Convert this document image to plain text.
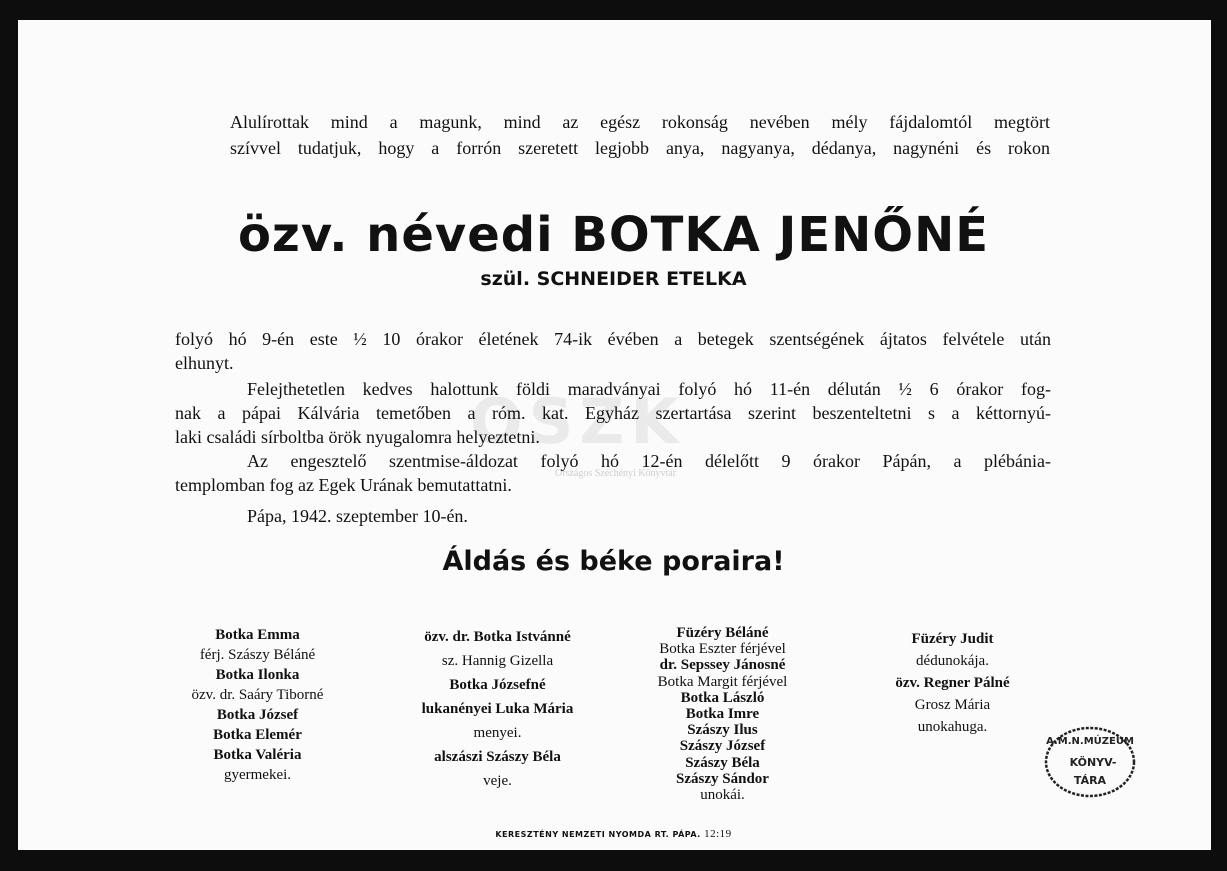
OSZK
Országos Széchényi Könyvtár
Alulírottak mind a magunk, mind az egész rokonság nevében mély fájdalomtól megtört
szívvel tudatjuk, hogy a forrón szeretett legjobb anya, nagyanya, dédanya, nagynéni és rokon
özv. névedi BOTKA JENŐNÉ
szül. SCHNEIDER ETELKA
folyó hó 9-én este ½ 10 órakor életének 74-ik évében a betegek szentségének ájtatos felvétele után
elhunyt.
Felejthetetlen kedves halottunk földi maradványai folyó hó 11-én délután ½ 6 órakor fog-
nak a pápai Kálvária temetőben a róm. kat. Egyház szertartása szerint beszenteltetni s a kéttornyú-
laki családi sírboltba örök nyugalomra helyeztetni.
Az engesztelő szentmise-áldozat folyó hó 12-én délelőtt 9 órakor Pápán, a plébánia-
templomban fog az Egek Urának bemutattatni.
Pápa, 1942. szeptember 10-én.
Áldás és béke poraira!
Botka Emma
férj. Szászy Béláné
Botka Ilonka
özv. dr. Saáry Tiborné
Botka József
Botka Elemér
Botka Valéria
gyermekei.
özv. dr. Botka Istvánné
sz. Hannig Gizella
Botka Józsefné
lukanényei Luka Mária
menyei.
alszászi Szászy Béla
veje.
Füzéry Béláné
Botka Eszter férjével
dr. Sepssey Jánosné
Botka Margit férjével
Botka László
Botka Imre
Szászy Ilus
Szászy József
Szászy Béla
Szászy Sándor
unokái.
Füzéry Judit
dédunokája.
özv. Regner Pálné
Grosz Mária
unokahuga.
A.M.N.MÚZEUM
KÖNYV-
TÁRA
KERESZTÉNY NEMZETI NYOMDA RT. PÁPA. 12:19
